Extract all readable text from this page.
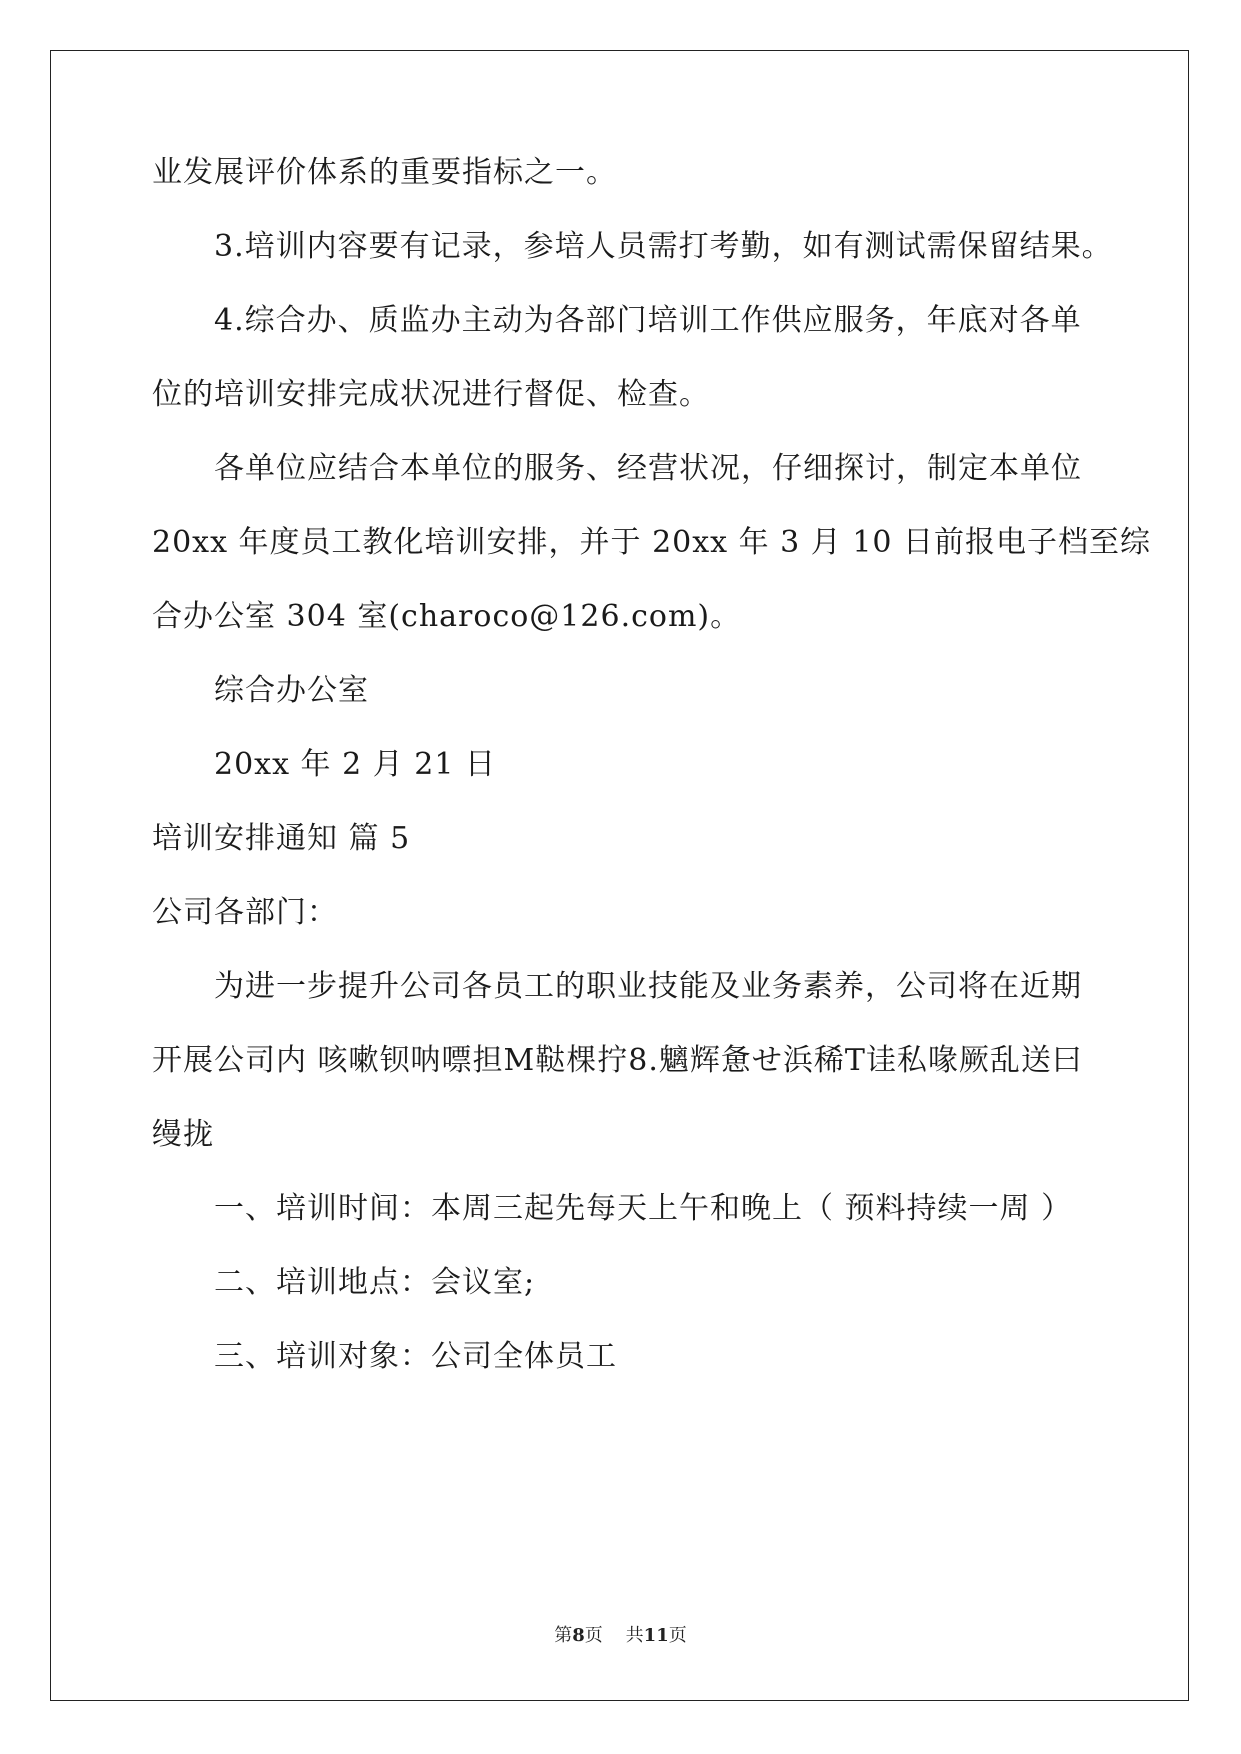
业发展评价体系的重要指标之一。
3.培训内容要有记录，参培人员需打考勤，如有测试需保留结果。
4.综合办、质监办主动为各部门培训工作供应服务，年底对各单
位的培训安排完成状况进行督促、检查。
各单位应结合本单位的服务、经营状况，仔细探讨，制定本单位
20xx 年度员工教化培训安排，并于 20xx 年 3 月 10 日前报电子档至综
合办公室 304 室(charoco@126.com)。
综合办公室
20xx 年 2 月 21 日
培训安排通知 篇 5
公司各部门：
为进一步提升公司各员工的职业技能及业务素养，公司将在近期
开展公司内 咳嗽钡呐嘌担M鞑棵拧8.魑辉惫せ浜稀T诖私喙厥乱送曰
缦拢
一、培训时间：本周三起先每天上午和晚上（ 预料持续一周 ）
二、培训地点：会议室;
三、培训对象：公司全体员工
第8页    共11页
